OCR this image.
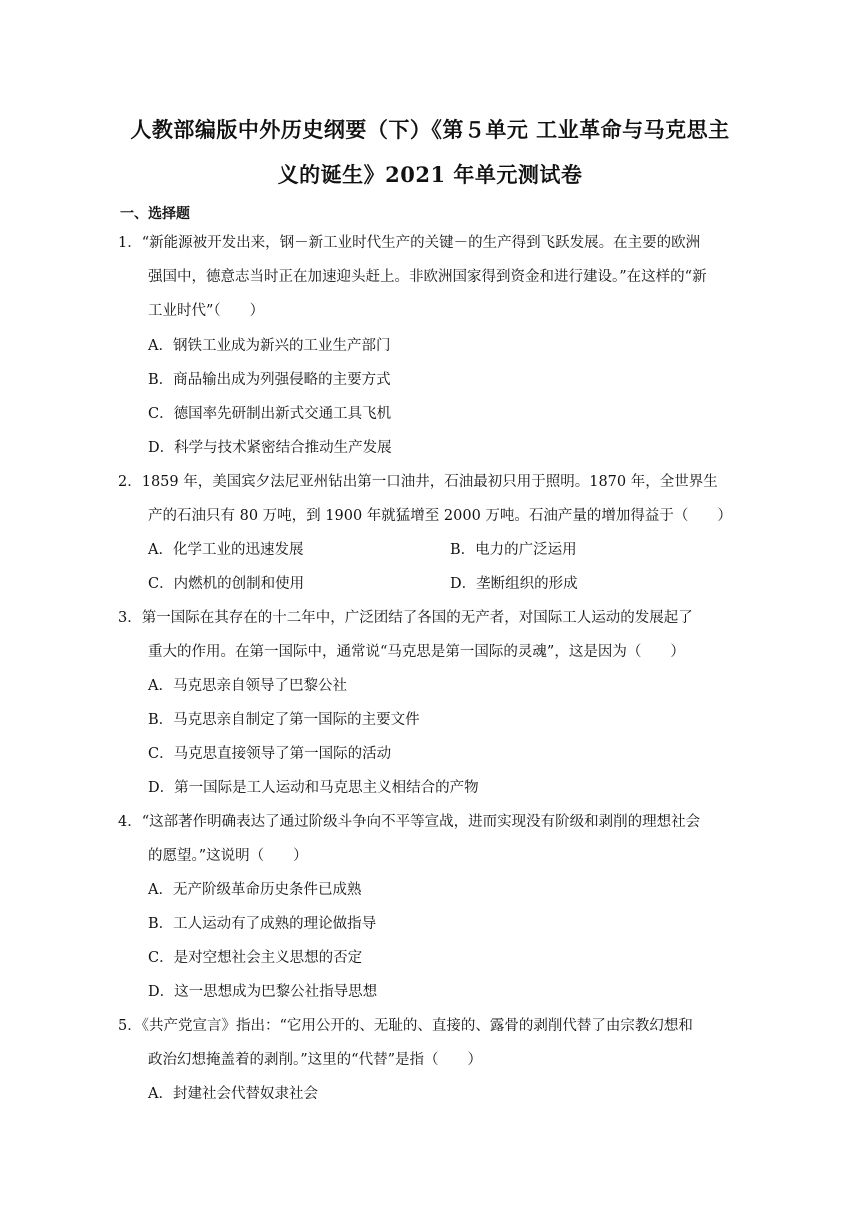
人教部编版中外历史纲要（下）《第５单元 工业革命与马克思主
义的诞生》2021 年单元测试卷
一、选择题
1．“新能源被开发出来，钢－新工业时代生产的关键－的生产得到飞跃发展。在主要的欧洲
强国中，德意志当时正在加速迎头赶上。非欧洲国家得到资金和进行建设。”在这样的“新
工业时代”（　　）
A．钢铁工业成为新兴的工业生产部门
B．商品输出成为列强侵略的主要方式
C．德国率先研制出新式交通工具飞机
D．科学与技术紧密结合推动生产发展
2．1859 年，美国宾夕法尼亚州钻出第一口油井，石油最初只用于照明。1870 年，全世界生
产的石油只有 80 万吨，到 1900 年就猛增至 2000 万吨。石油产量的增加得益于（　　）
A．化学工业的迅速发展	B．电力的广泛运用
C．内燃机的创制和使用	D．垄断组织的形成
3．第一国际在其存在的十二年中，广泛团结了各国的无产者，对国际工人运动的发展起了
重大的作用。在第一国际中，通常说“马克思是第一国际的灵魂”，这是因为（　　）
A．马克思亲自领导了巴黎公社
B．马克思亲自制定了第一国际的主要文件
C．马克思直接领导了第一国际的活动
D．第一国际是工人运动和马克思主义相结合的产物
4．“这部著作明确表达了通过阶级斗争向不平等宣战，进而实现没有阶级和剥削的理想社会
的愿望。”这说明（　　）
A．无产阶级革命历史条件已成熟
B．工人运动有了成熟的理论做指导
C．是对空想社会主义思想的否定
D．这一思想成为巴黎公社指导思想
5．《共产党宣言》指出：“它用公开的、无耻的、直接的、露骨的剥削代替了由宗教幻想和
政治幻想掩盖着的剥削。”这里的“代替”是指（　　）
A．封建社会代替奴隶社会
